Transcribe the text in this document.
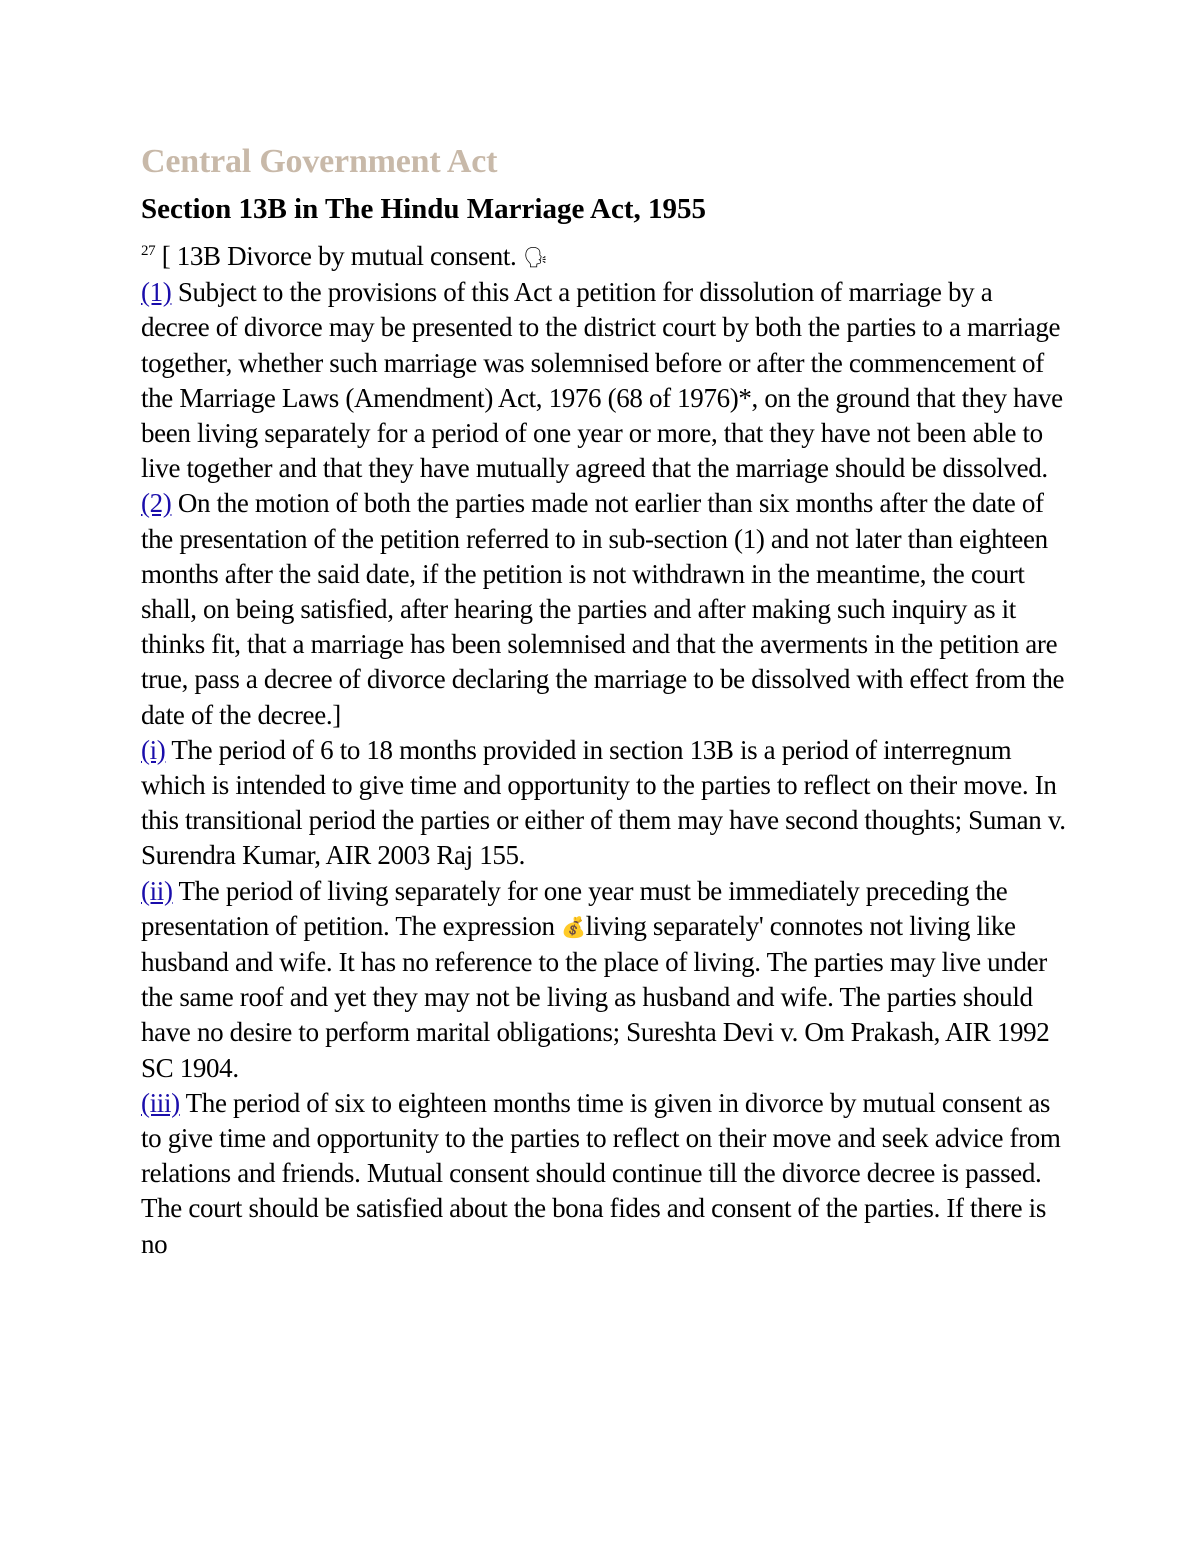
Central Government Act
Section 13B in The Hindu Marriage Act, 1955
$^{27}$ [ 13B Divorce by mutual consent. 🗣
(1) Subject to the provisions of this Act a petition for dissolution of marriage by a decree of divorce may be presented to the district court by both the parties to a marriage together, whether such marriage was solemnised before or after the commencement of the Marriage Laws (Amendment) Act, 1976 (68 of 1976)*, on the ground that they have been living separately for a period of one year or more, that they have not been able to live together and that they have mutually agreed that the marriage should be dissolved.
(2) On the motion of both the parties made not earlier than six months after the date of the presentation of the petition referred to in sub-section (1) and not later than eighteen months after the said date, if the petition is not withdrawn in the meantime, the court shall, on being satisfied, after hearing the parties and after making such inquiry as it thinks fit, that a marriage has been solemnised and that the averments in the petition are true, pass a decree of divorce declaring the marriage to be dissolved with effect from the date of the decree.]
(i) The period of 6 to 18 months provided in section 13B is a period of interregnum which is intended to give time and opportunity to the parties to reflect on their move. In this transitional period the parties or either of them may have second thoughts; Suman v. Surendra Kumar, AIR 2003 Raj 155.
(ii) The period of living separately for one year must be immediately preceding the presentation of petition. The expression 💰living separately' connotes not living like husband and wife. It has no reference to the place of living. The parties may live under the same roof and yet they may not be living as husband and wife. The parties should have no desire to perform marital obligations; Sureshta Devi v. Om Prakash, AIR 1992 SC 1904.
(iii) The period of six to eighteen months time is given in divorce by mutual consent as to give time and opportunity to the parties to reflect on their move and seek advice from relations and friends. Mutual consent should continue till the divorce decree is passed. The court should be satisfied about the bona fides and consent of the parties. If there is no
